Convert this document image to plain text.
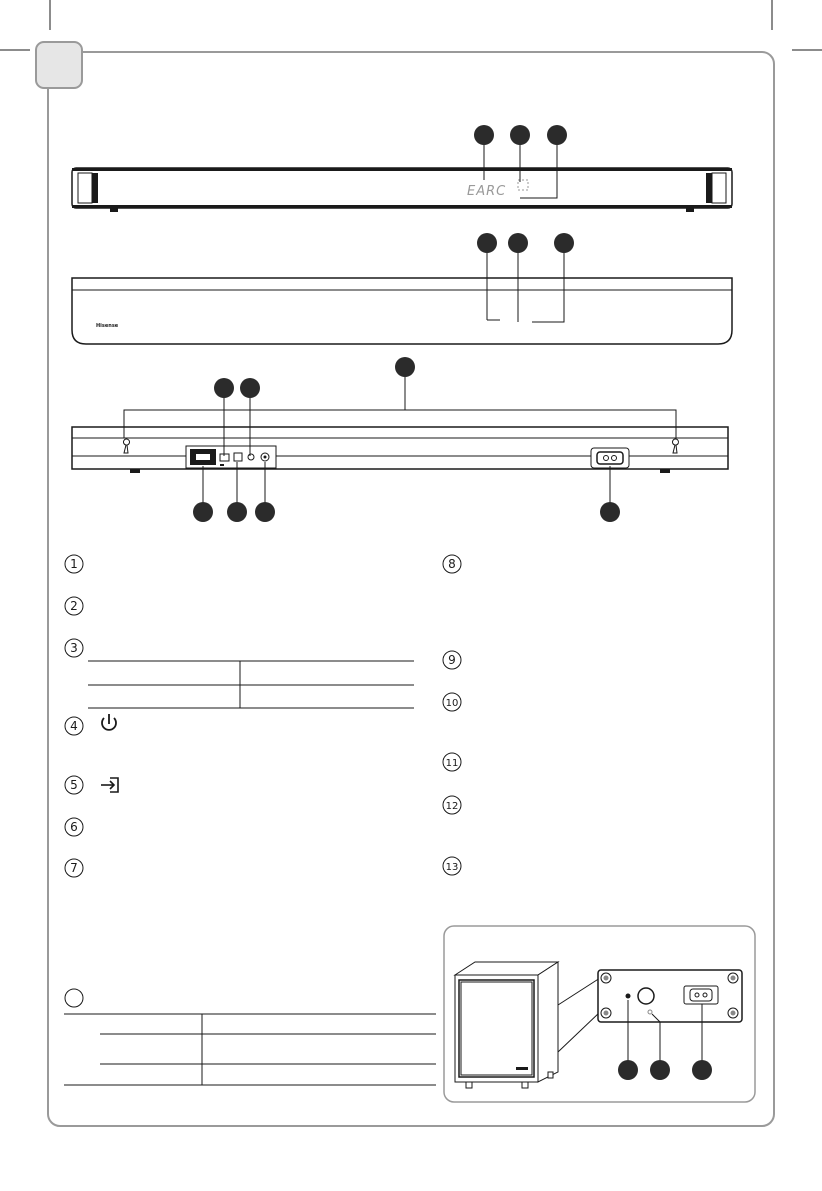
EARC
Hisense
1
2
3
4
5
6
7
8
9
10
11
12
13
